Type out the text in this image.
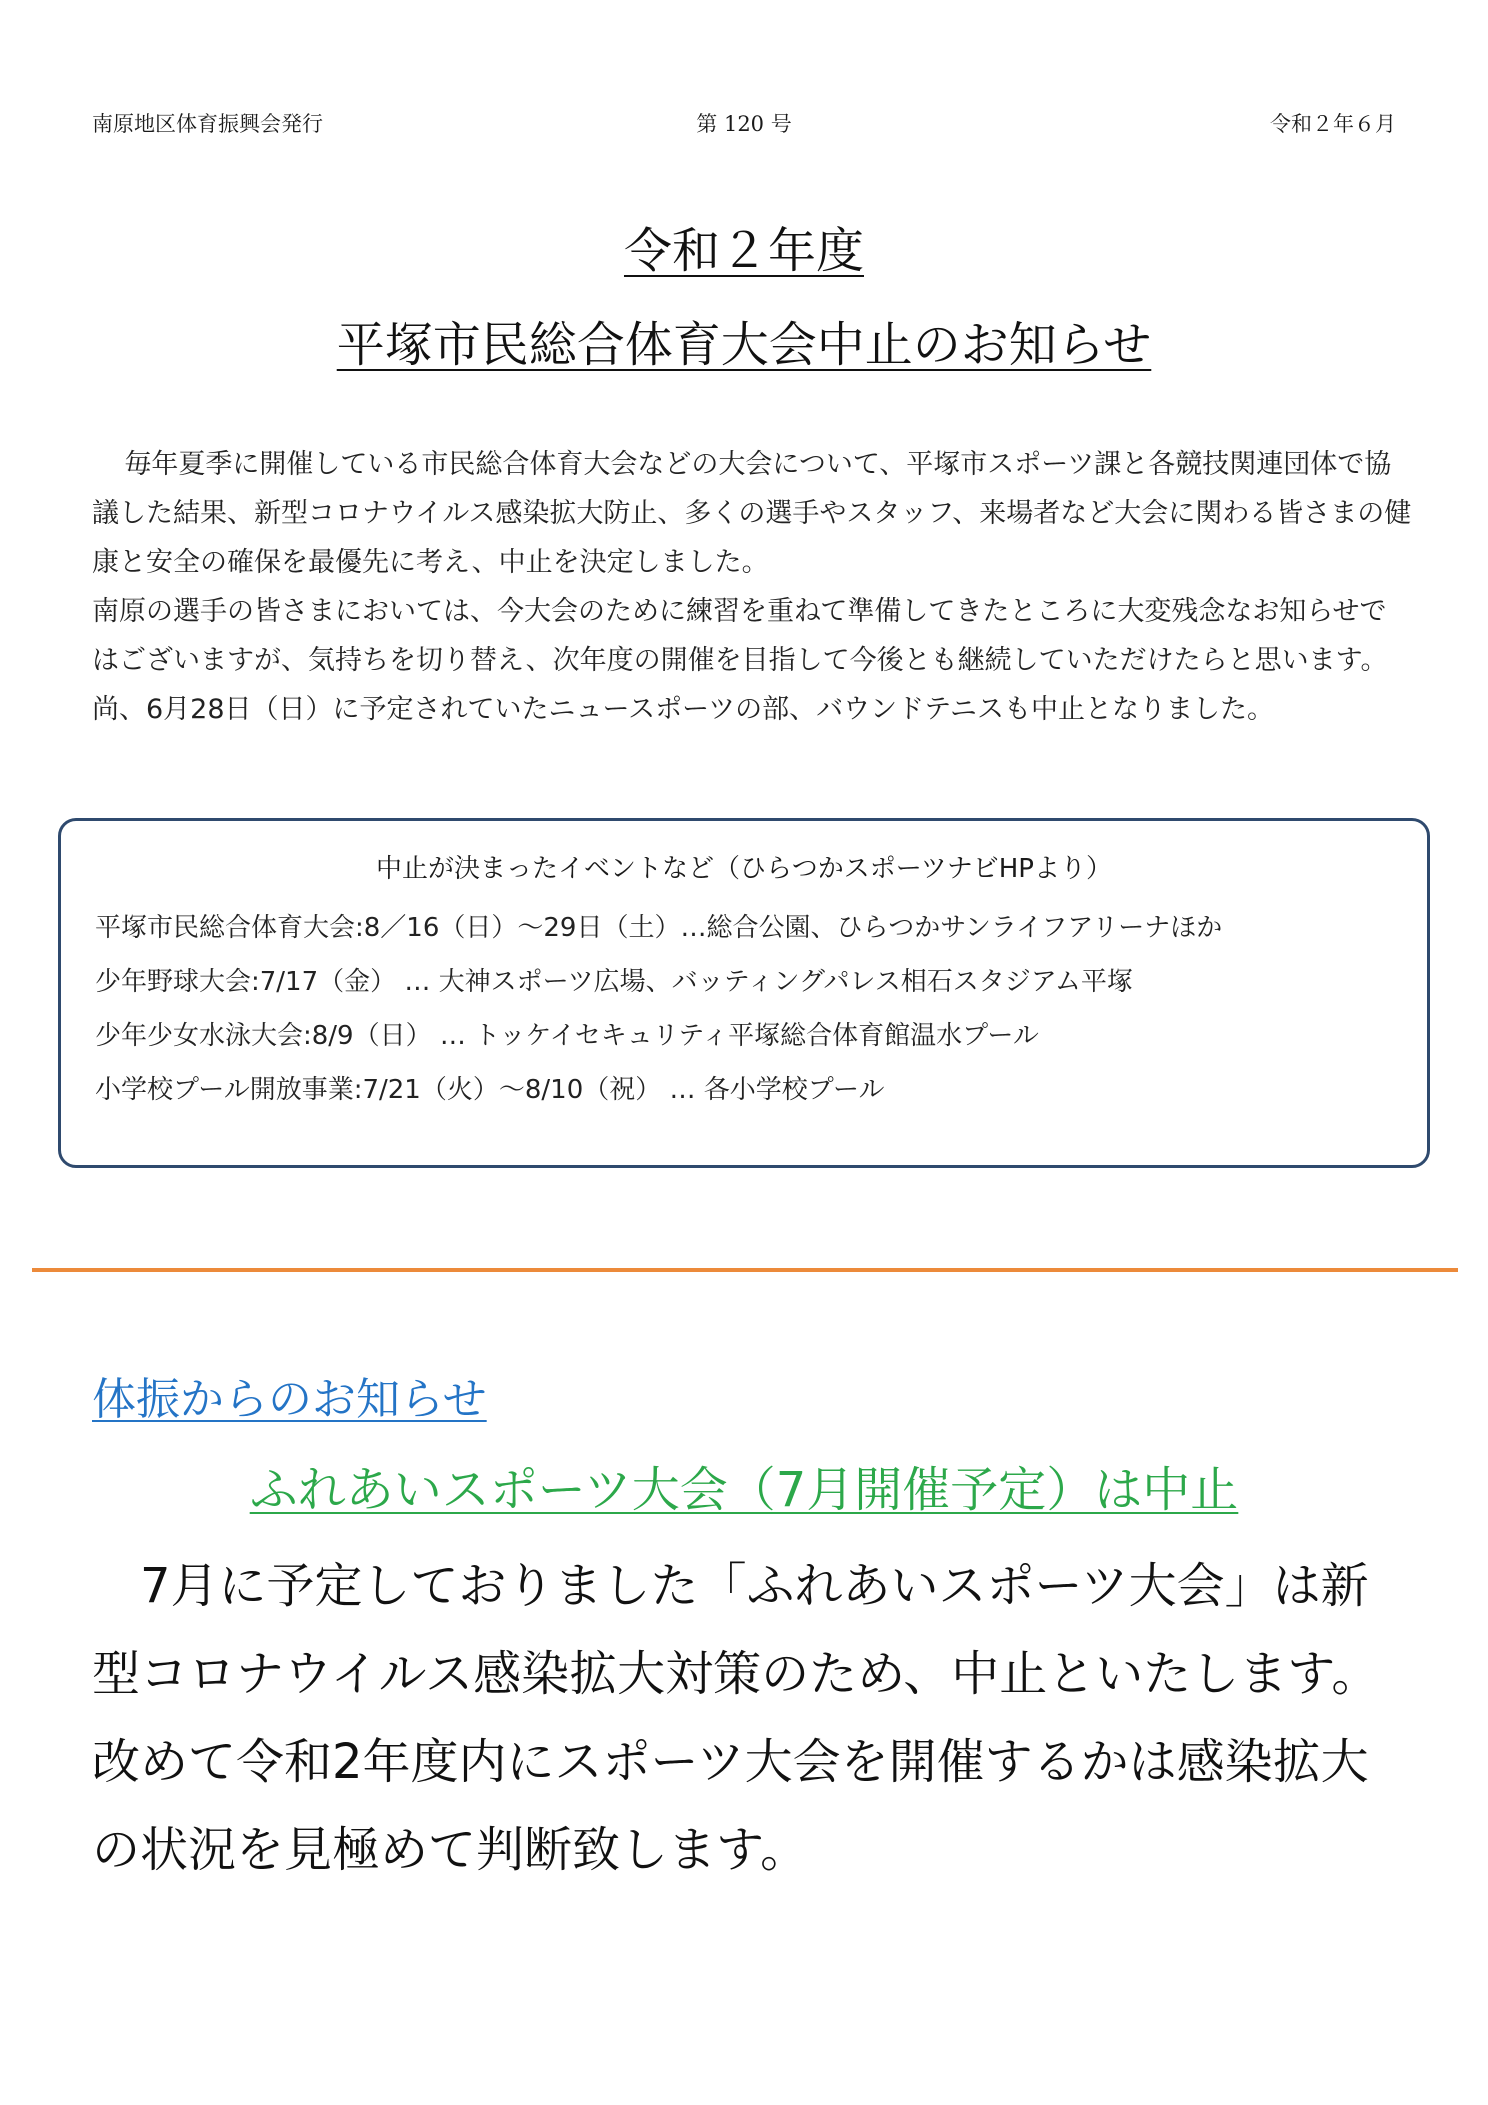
南原地区体育振興会発行	第 120 号	令和２年６月
令和２年度
平塚市民総合体育大会中止のお知らせ

毎年夏季に開催している市民総合体育大会などの大会について、平塚市スポーツ課と各競技関連団体で協議した結果、新型コロナウイルス感染拡大防止、多くの選手やスタッフ、来場者など大会に関わる皆さまの健康と安全の確保を最優先に考え、中止を決定しました。

南原の選手の皆さまにおいては、今大会のために練習を重ねて準備してきたところに大変残念なお知らせではございますが、気持ちを切り替え、次年度の開催を目指して今後とも継続していただけたらと思います。尚、6月28日（日）に予定されていたニュースポーツの部、バウンドテニスも中止となりました。

中止が決まったイベントなど（ひらつかスポーツナビHPより）
平塚市民総合体育大会:8／16（日）～29日（土）…総合公園、ひらつかサンライフアリーナほか
少年野球大会:7/17（金） … 大神スポーツ広場、バッティングパレス相石スタジアム平塚
少年少女水泳大会:8/9（日） … トッケイセキュリティ平塚総合体育館温水プール
小学校プール開放事業:7/21（火）～8/10（祝） … 各小学校プール
体振からのお知らせ
ふれあいスポーツ大会（7月開催予定）は中止

7月に予定しておりました「ふれあいスポーツ大会」は新型コロナウイルス感染拡大対策のため、中止といたします。改めて令和2年度内にスポーツ大会を開催するかは感染拡大の状況を見極めて判断致します。
